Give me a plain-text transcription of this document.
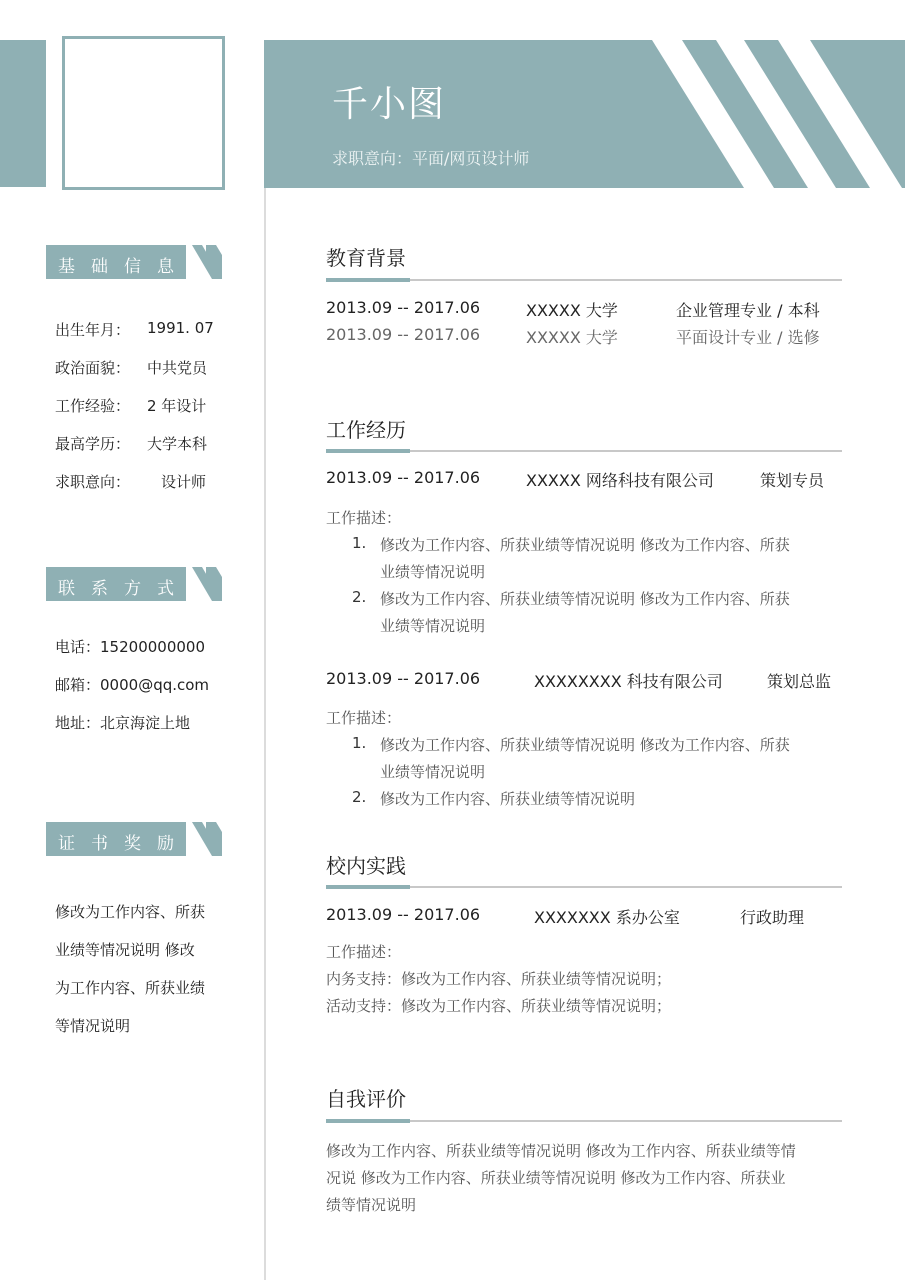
千小图
求职意向：平面/网页设计师
基础信息
出生年月： 1991. 07
政治面貌： 中共党员
工作经验： 2 年设计
最高学历： 大学本科
求职意向： 设计师
联系方式
电话：15200000000
邮箱：0000@qq.com
地址：北京海淀上地
证书奖励
修改为工作内容、所获
业绩等情况说明 修改
为工作内容、所获业绩
等情况说明
教育背景
2013.09 -- 2017.06	XXXXX 大学	企业管理专业 / 本科
2013.09 -- 2017.06	XXXXX 大学	平面设计专业 / 选修
工作经历
2013.09 -- 2017.06	XXXXX 网络科技有限公司	策划专员
工作描述：
1. 修改为工作内容、所获业绩等情况说明 修改为工作内容、所获
业绩等情况说明
2. 修改为工作内容、所获业绩等情况说明 修改为工作内容、所获
业绩等情况说明
2013.09 -- 2017.06	XXXXXXXX 科技有限公司	策划总监
工作描述：
1. 修改为工作内容、所获业绩等情况说明 修改为工作内容、所获
业绩等情况说明
2. 修改为工作内容、所获业绩等情况说明
校内实践
2013.09 -- 2017.06	XXXXXXX 系办公室	行政助理
工作描述：
内务支持：修改为工作内容、所获业绩等情况说明；
活动支持：修改为工作内容、所获业绩等情况说明；
自我评价
修改为工作内容、所获业绩等情况说明 修改为工作内容、所获业绩等情
况说 修改为工作内容、所获业绩等情况说明 修改为工作内容、所获业
绩等情况说明
